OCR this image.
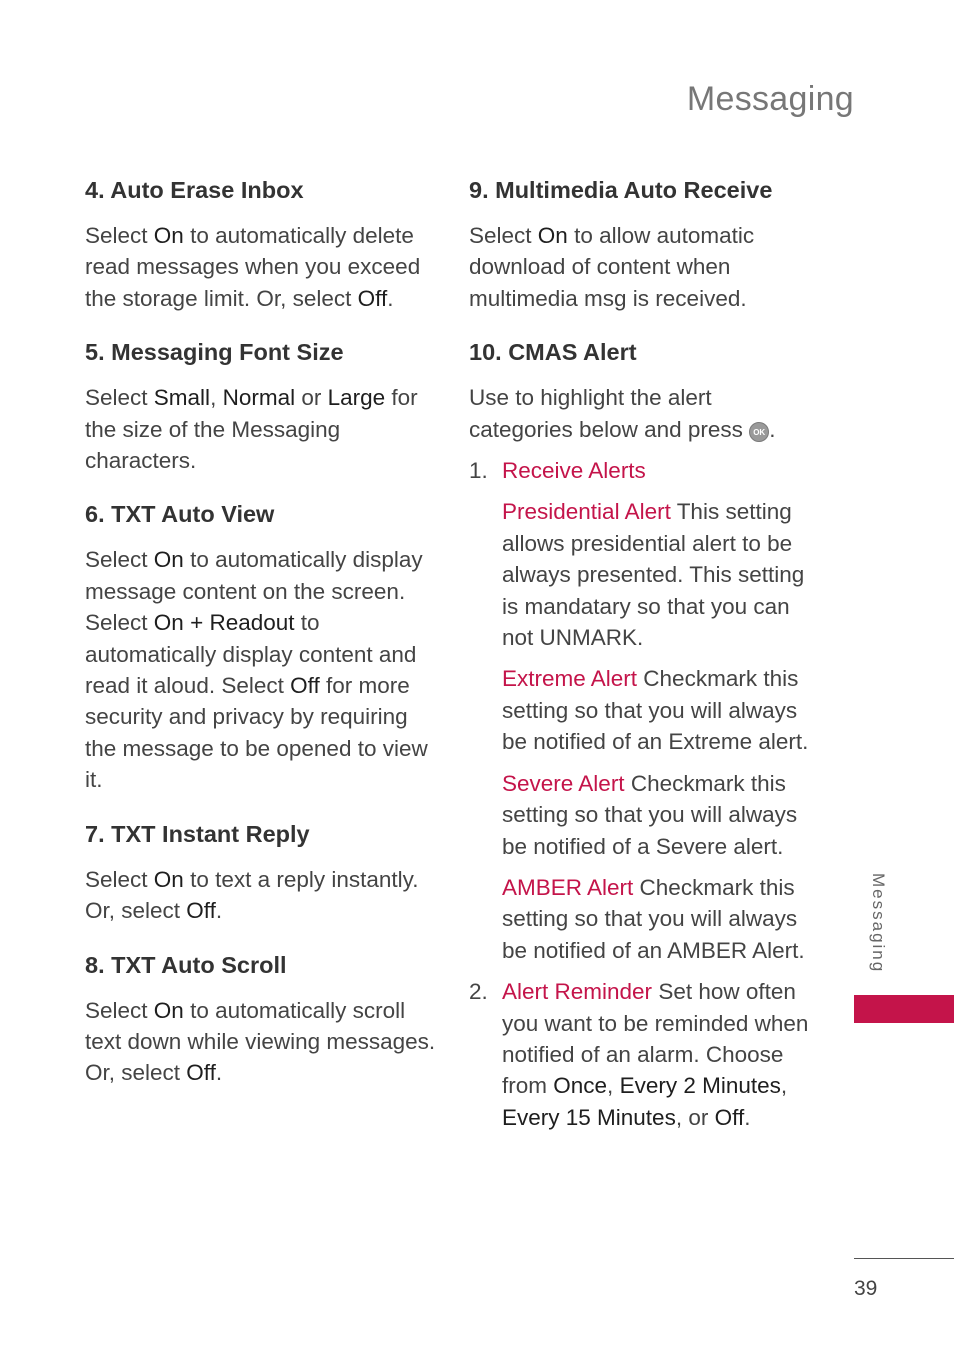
Messaging
4. Auto Erase Inbox

Select On to automatically delete read messages when you exceed the storage limit. Or, select Off.

5. Messaging Font Size

Select Small, Normal or Large for the size of the Messaging characters.

6. TXT Auto View

Select On to automatically display message content on the screen. Select On + Readout to automatically display content and read it aloud. Select Off for more security and privacy by requiring the message to be opened to view it.

7. TXT Instant Reply

Select On to text a reply instantly. Or, select Off.

8. TXT Auto Scroll

Select On to automatically scroll text down while viewing messages. Or, select Off.

9. Multimedia Auto Receive

Select On to allow automatic download of content when multimedia msg is received.

10. CMAS Alert

Use to highlight the alert categories below and press OK .

1. Receive Alerts

Presidential Alert This setting allows presidential alert to be always presented. This setting is mandatary so that you can not UNMARK.

Extreme Alert Checkmark this setting so that you will always be notified of an Extreme alert.

Severe Alert Checkmark this setting so that you will always be notified of a Severe alert.

AMBER Alert Checkmark this setting so that you will always be notified of an AMBER Alert.

2. Alert Reminder Set how often you want to be reminded when notified of an alarm. Choose from Once, Every 2 Minutes, Every 15 Minutes, or Off.

Messaging
39
